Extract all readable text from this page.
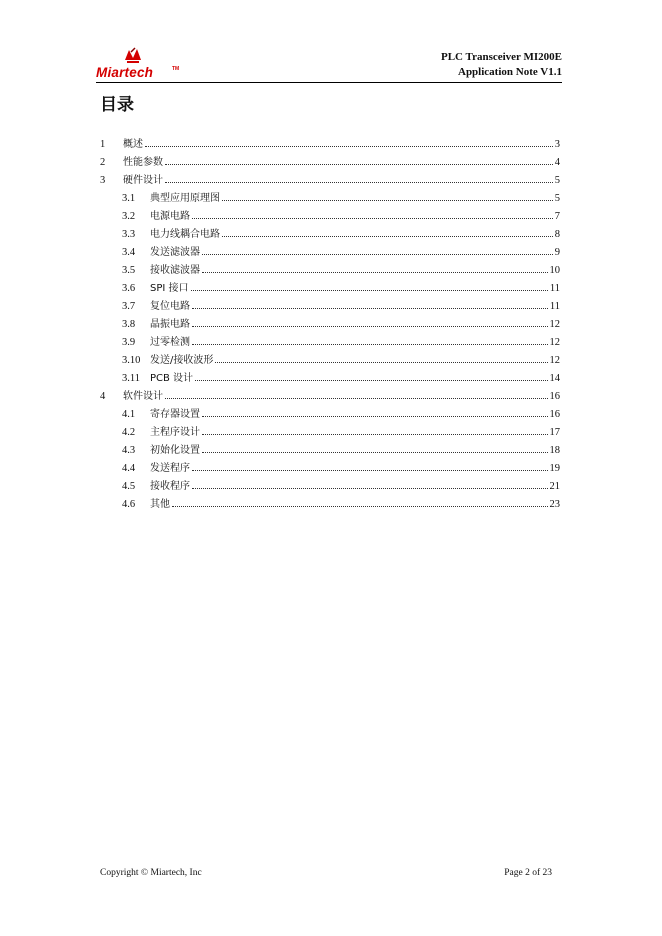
Miartech	TM
PLC Transceiver MI200E
Application Note V1.1
目录
1	概述	3
2	性能参数	4
3	硬件设计	5
3.1	典型应用原理图	5
3.2	电源电路	7
3.3	电力线耦合电路	8
3.4	发送滤波器	9
3.5	接收滤波器	10
3.6	SPI 接口	11
3.7	复位电路	11
3.8	晶振电路	12
3.9	过零检测	12
3.10 发送/接收波形	12
3.11	PCB 设计	14
4	软件设计	16
4.1	寄存器设置	16
4.2	主程序设计	17
4.3	初始化设置	18
4.4	发送程序	19
4.5	接收程序	21
4.6	其他	23
Copyright © Miartech, Inc	Page 2 of 23
